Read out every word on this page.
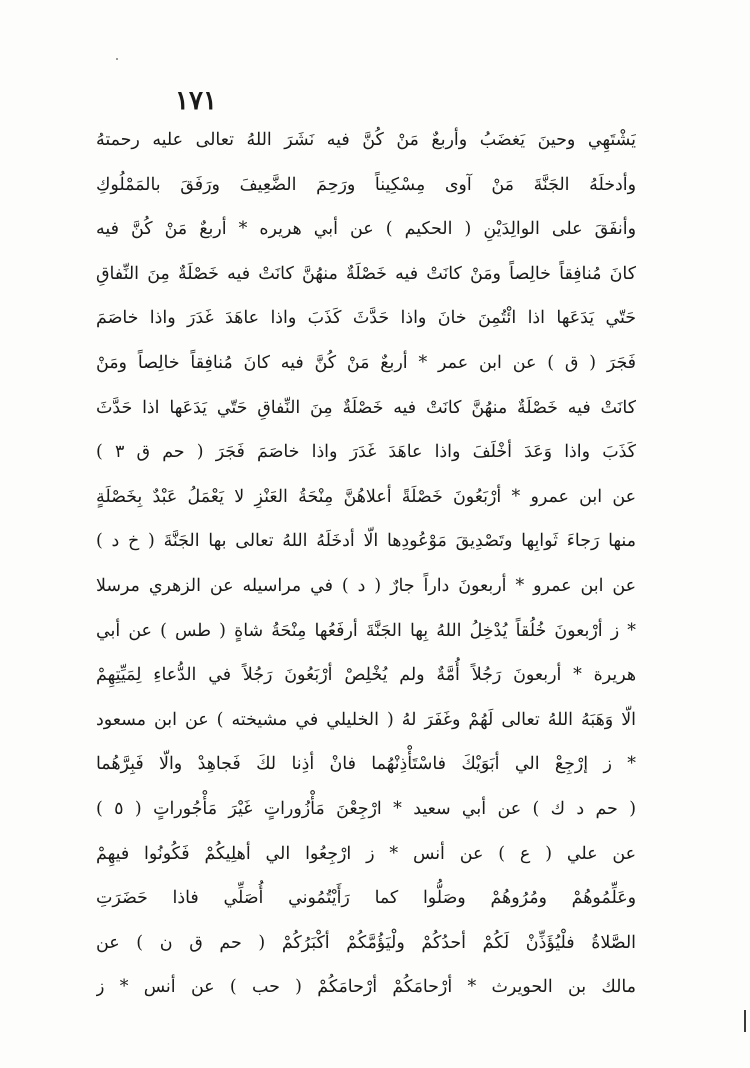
١٧١
يَشْتَهِي وحينَ يَغضَبُ وأربعٌ مَنْ كُنَّ فيه نَشَرَ اللهُ تعالى عليه رحمتهُ
وأدخلَهُ الجَنَّةَ مَنْ آوى مِسْكِيناً ورَحِمَ الضَّعِيفَ ورَفَقَ بالمَمْلُوكِ
وأنفَقَ على الوالِدَيْنِ ( الحكيم ) عن أبي هريره * أربعٌ مَنْ كُنَّ فيه
كانَ مُنافِقاً خالِصاً ومَنْ كانَتْ فيه خَصْلَةٌ منهُنَّ كانَتْ فيه خَصْلَةٌ مِنَ النِّفاقِ
حَتّي يَدَعَها اذا ائْتُمِنَ خانَ واذا حَدَّثَ كَذَبَ واذا عاهَدَ غَدَرَ واذا خاصَمَ
فَجَرَ ( ق ) عن ابن عمر * أربعٌ مَنْ كُنَّ فيه كانَ مُنافِقاً خالِصاً ومَنْ
كانَتْ فيه خَصْلَةٌ منهُنَّ كانَتْ فيه خَصْلَةٌ مِنَ النِّفاقِ حَتّي يَدَعَها اذا حَدَّثَ
كَذَبَ واذا وَعَدَ أخْلَفَ واذا عاهَدَ غَدَرَ واذا خاصَمَ فَجَرَ ( حم ق ٣ )
عن ابن عمرو * أرْبَعُونَ خَصْلَةً أعلاهُنَّ مِنْحَةُ العَنْزِ لا يَعْمَلُ عَبْدٌ بِخَصْلَةٍ
منها رَجاءَ ثَوابِها وتَصْدِيقَ مَوْعُودِها الّا أدخَلَهُ اللهُ تعالى بها الجَنَّةَ ( خ د )
عن ابن عمرو * أربعونَ داراً جارٌ ( د ) في مراسيله عن الزهري مرسلا
* ز أرْبعونَ خُلُقاً يُدْخِلُ اللهُ بِها الجَنَّةَ أرفَعُها مِنْحَةُ شاةٍ ( طس ) عن أبي
هريرة * أربعونَ رَجُلاً أُمَّةٌ ولم يُخْلِصْ أرْبَعُونَ رَجُلاً في الدُّعاءِ لِمَيِّتِهِمْ
الّا وَهَبَهُ اللهُ تعالى لَهُمْ وغَفَرَ لهُ ( الخليلي في مشيخته ) عن ابن مسعود
* ز إرْجِعْ الي أبَوَيْكَ فاسْتَأْذِنْهُما فانْ أذِنا لكَ فَجاهِدْ والّا فَبِرَّهُما
( حم د ك ) عن أبي سعيد * ارْجِعْنَ مَأْزُوراتٍ غَيْرَ مَأْجُوراتٍ ( ٥ )
عن علي ( ع ) عن أنس * ز ارْجِعُوا الي أهلِيكُمْ فَكُونُوا فيهِمْ
وعَلِّمُوهُمْ ومُرُوهُمْ وصَلُّوا كما رَأَيْتُمُوني أُصَلِّي فاذا حَضَرَتِ
الصَّلاةُ فلْيُؤَذِّنْ لَكُمْ أحدُكُمْ ولْيَؤُمَّكُمْ أكْبَرُكُمْ ( حم ق ن ) عن
مالك بن الحويرث * أرْحامَكُمْ أرْحامَكُمْ ( حب ) عن أنس * ز
